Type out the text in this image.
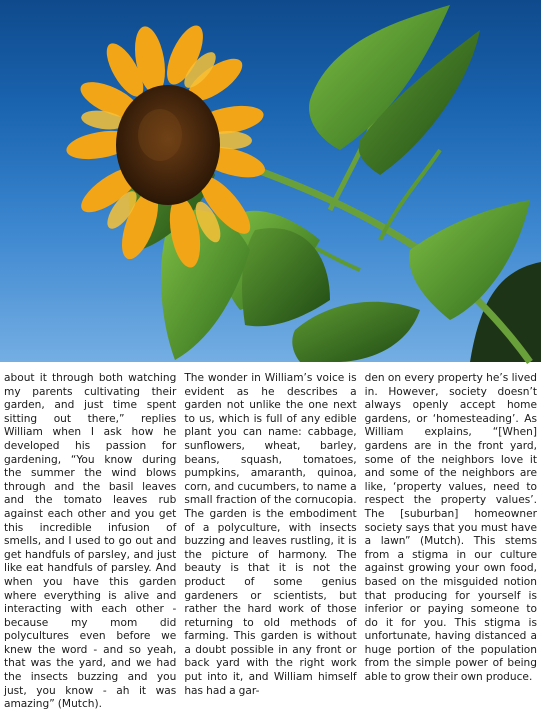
about it through both watching my parents cultivating their garden, and just time spent sitting out there,” replies William when I ask how he developed his passion for gardening, “You know during the summer the wind blows through and the basil leaves and the tomato leaves rub against each other and you get this incredible infusion of smells, and I used to go out and get handfuls of parsley, and just like eat handfuls of parsley. And when you have this garden where everything is alive and interacting with each other - because my mom did polycultures even before we knew the word - and so yeah, that was the yard, and we had the insects buzzing and you just, you know - ah it was amazing” (Mutch).
The wonder in William’s voice is evident as he describes a garden not unlike the one next to us, which is full of any edible plant you can name: cabbage, sunflowers, wheat, barley, beans, squash, tomatoes, pumpkins, amaranth, quinoa, corn, and cucumbers, to name a small fraction of the cornucopia. The garden is the embodiment of a polyculture, with insects buzzing and leaves rustling, it is the picture of harmony. The beauty is that it is not the product of some genius gardeners or scientists, but rather the hard work of those returning to old methods of farming. This garden is without a doubt possible in any front or back yard with the right work put into it, and William himself has had a gar-
den on every property he’s lived in. However, society doesn’t always openly accept home gardens, or ‘homesteading’. As William explains, “[When] gardens are in the front yard, some of the neighbors love it and some of the neighbors are like, ‘property values, need to respect the property values’. The [suburban] homeowner society says that you must have a lawn” (Mutch). This stems from a stigma in our culture against growing your own food, based on the misguided notion that producing for yourself is inferior or paying someone to do it for you. This stigma is unfortunate, having distanced a huge portion of the population from the simple power of being able to grow their own produce.
